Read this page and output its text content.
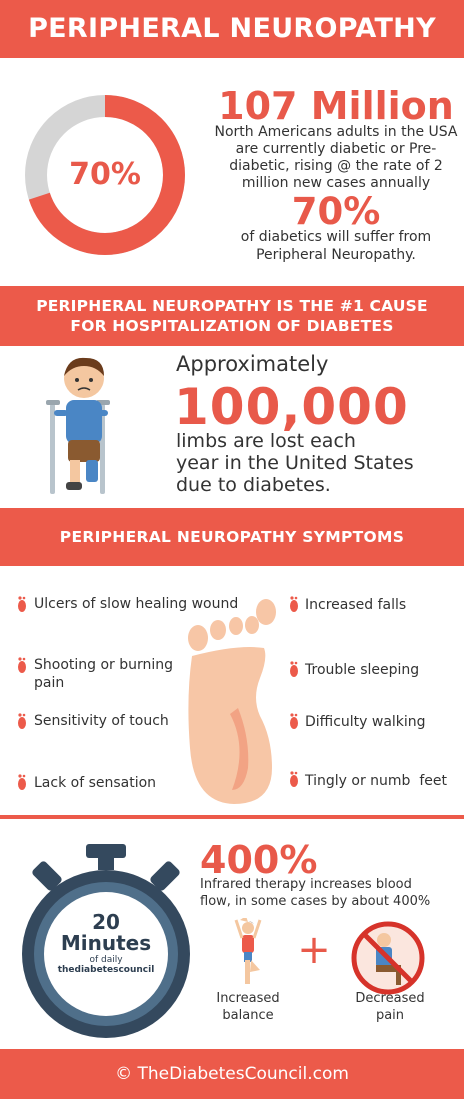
PERIPHERAL NEUROPATHY
70%
107 Million
North Americans adults in the USA are currently diabetic or Pre-diabetic, rising @ the rate of 2 million new cases annually
70%
of diabetics will suffer from Peripheral Neuropathy.
PERIPHERAL NEUROPATHY IS THE #1 CAUSE
FOR HOSPITALIZATION OF DIABETES
Approximately
100,000
limbs are lost each
year in the United States
due to diabetes.
PERIPHERAL NEUROPATHY SYMPTOMS
Ulcers of slow healing wound
Shooting or burning
pain
Sensitivity of touch
Lack of sensation
Increased falls
Trouble sleeping
Difficulty walking
Tingly or numb  feet
20
Minutes
of daily
thediabetescouncil
400%
Infrared therapy increases blood
flow, in some cases by about 400%
+
Increased
balance
Decreased
pain
© TheDiabetesCouncil.com
